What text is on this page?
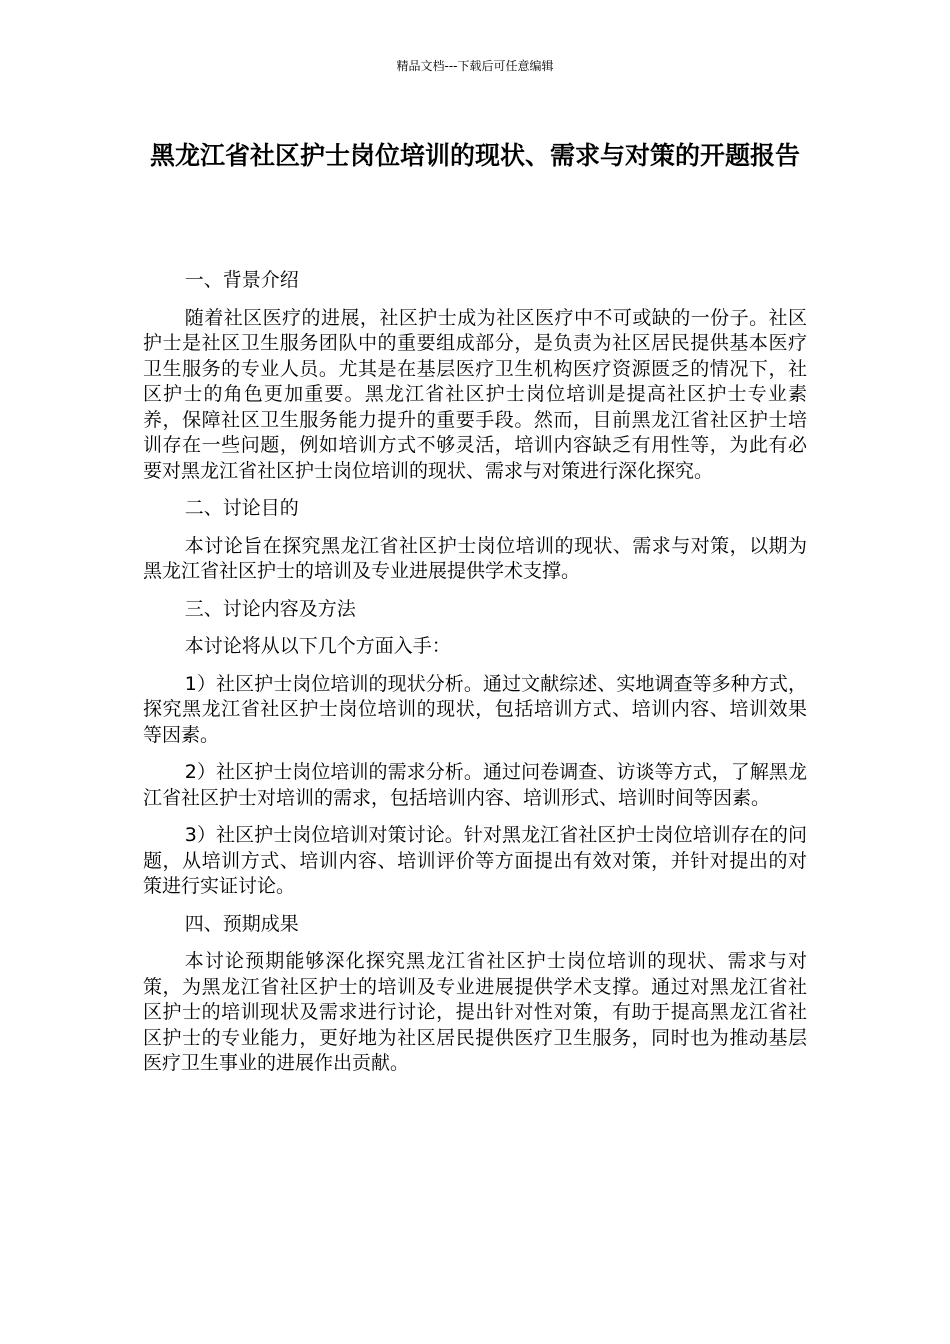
精品文档---下载后可任意编辑
黑龙江省社区护士岗位培训的现状、需求与对策的开题报告

一、背景介绍

随着社区医疗的进展，社区护士成为社区医疗中不可或缺的一份子。社区护士是社区卫生服务团队中的重要组成部分，是负责为社区居民提供基本医疗卫生服务的专业人员。尤其是在基层医疗卫生机构医疗资源匮乏的情况下，社区护士的角色更加重要。黑龙江省社区护士岗位培训是提高社区护士专业素养，保障社区卫生服务能力提升的重要手段。然而，目前黑龙江省社区护士培训存在一些问题，例如培训方式不够灵活，培训内容缺乏有用性等，为此有必要对黑龙江省社区护士岗位培训的现状、需求与对策进行深化探究。

二、讨论目的

本讨论旨在探究黑龙江省社区护士岗位培训的现状、需求与对策，以期为黑龙江省社区护士的培训及专业进展提供学术支撑。

三、讨论内容及方法

本讨论将从以下几个方面入手：

1）社区护士岗位培训的现状分析。通过文献综述、实地调查等多种方式，探究黑龙江省社区护士岗位培训的现状，包括培训方式、培训内容、培训效果等因素。

2）社区护士岗位培训的需求分析。通过问卷调查、访谈等方式，了解黑龙江省社区护士对培训的需求，包括培训内容、培训形式、培训时间等因素。

3）社区护士岗位培训对策讨论。针对黑龙江省社区护士岗位培训存在的问题，从培训方式、培训内容、培训评价等方面提出有效对策，并针对提出的对策进行实证讨论。

四、预期成果

本讨论预期能够深化探究黑龙江省社区护士岗位培训的现状、需求与对策，为黑龙江省社区护士的培训及专业进展提供学术支撑。通过对黑龙江省社区护士的培训现状及需求进行讨论，提出针对性对策，有助于提高黑龙江省社区护士的专业能力，更好地为社区居民提供医疗卫生服务，同时也为推动基层医疗卫生事业的进展作出贡献。
